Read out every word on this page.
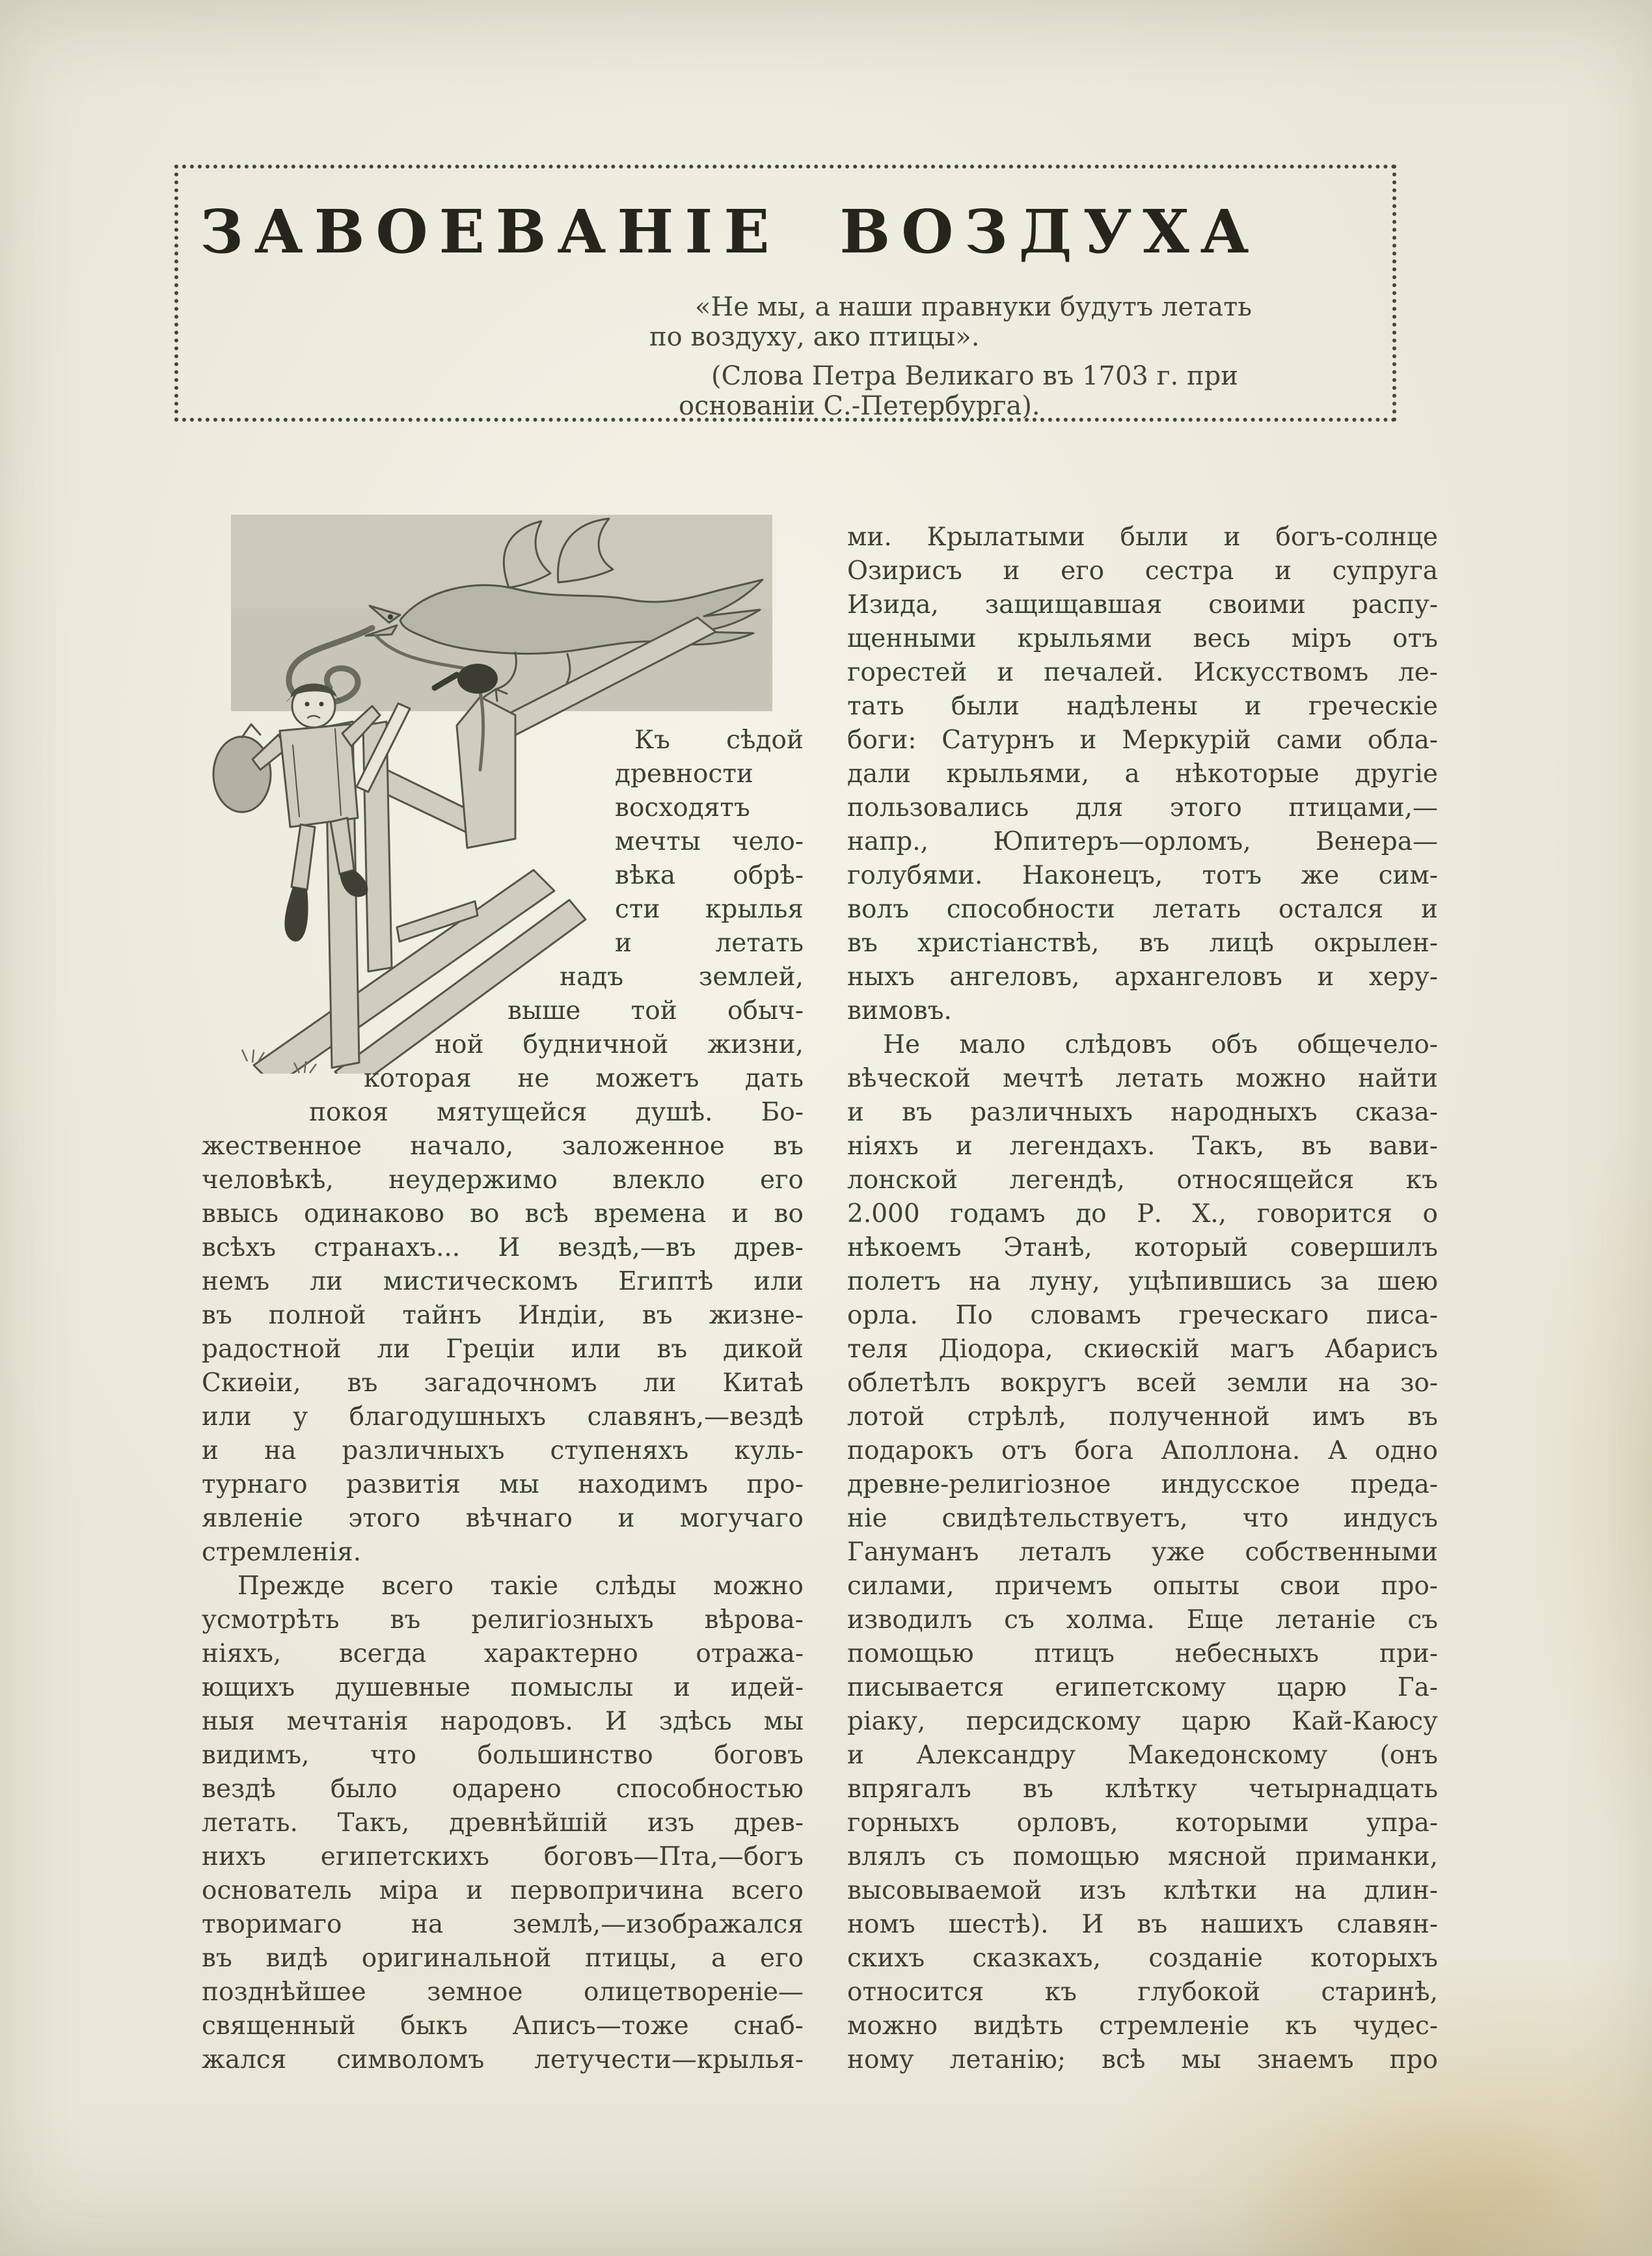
ЗАВОЕВАНІЕ ВОЗДУХА
«Не мы, а наши правнуки будутъ летать
по воздуху, ако птицы».
(Слова Петра Великаго въ 1703 г. при
основаніи С.-Петербурга).
Къ сѣдой
древности
восходятъ
мечты чело-
вѣка обрѣ-
сти крылья
и летать
надъ землей,
выше той обыч-
ной будничной жизни,
которая не можетъ дать
покоя мятущейся душѣ. Бо-
жественное начало, заложенное въ
человѣкѣ, неудержимо влекло его
ввысь одинаково во всѣ времена и во
всѣхъ странахъ... И вездѣ,—въ древ-
немъ ли мистическомъ Египтѣ или
въ полной тайнъ Индіи, въ жизне-
радостной ли Греціи или въ дикой
Скиѳіи, въ загадочномъ ли Китаѣ
или у благодушныхъ славянъ,—вездѣ
и на различныхъ ступеняхъ куль-
турнаго развитія мы находимъ про-
явленіе этого вѣчнаго и могучаго
стремленія.
Прежде всего такіе слѣды можно
усмотрѣть въ религіозныхъ вѣрова-
ніяхъ, всегда характерно отража-
ющихъ душевные помыслы и идей-
ныя мечтанія народовъ. И здѣсь мы
видимъ, что большинство боговъ
вездѣ было одарено способностью
летать. Такъ, древнѣйшій изъ древ-
нихъ египетскихъ боговъ—Пта,—богъ
основатель міра и первопричина всего
творимаго на землѣ,—изображался
въ видѣ оригинальной птицы, а его
позднѣйшее земное олицетвореніе—
священный быкъ Аписъ—тоже снаб-
жался символомъ летучести—крылья-
ми. Крылатыми были и богъ-солнце
Озирисъ и его сестра и супруга
Изида, защищавшая своими распу-
щенными крыльями весь міръ отъ
горестей и печалей. Искусствомъ ле-
тать были надѣлены и греческіе
боги: Сатурнъ и Меркурій сами обла-
дали крыльями, а нѣкоторые другіе
пользовались для этого птицами,—
напр., Юпитеръ—орломъ, Венера—
голубями. Наконецъ, тотъ же сим-
волъ способности летать остался и
въ христіанствѣ, въ лицѣ окрылен-
ныхъ ангеловъ, архангеловъ и херу-
вимовъ.
Не мало слѣдовъ объ общечело-
вѣческой мечтѣ летать можно найти
и въ различныхъ народныхъ сказа-
ніяхъ и легендахъ. Такъ, въ вави-
лонской легендѣ, относящейся къ
2.000 годамъ до Р. Х., говорится о
нѣкоемъ Этанѣ, который совершилъ
полетъ на луну, уцѣпившись за шею
орла. По словамъ греческаго писа-
теля Діодора, скиѳскій магъ Абарисъ
облетѣлъ вокругъ всей земли на зо-
лотой стрѣлѣ, полученной имъ въ
подарокъ отъ бога Аполлона. А одно
древне-религіозное индусское преда-
ніе свидѣтельствуетъ, что индусъ
Гануманъ леталъ уже собственными
силами, причемъ опыты свои про-
изводилъ съ холма. Еще летаніе съ
помощью птицъ небесныхъ при-
писывается египетскому царю Га-
ріаку, персидскому царю Кай-Каюсу
и Александру Македонскому (онъ
впрягалъ въ клѣтку четырнадцать
горныхъ орловъ, которыми упра-
влялъ съ помощью мясной приманки,
высовываемой изъ клѣтки на длин-
номъ шестѣ). И въ нашихъ славян-
скихъ сказкахъ, созданіе которыхъ
относится къ глубокой старинѣ,
можно видѣть стремленіе къ чудес-
ному летанію; всѣ мы знаемъ про
